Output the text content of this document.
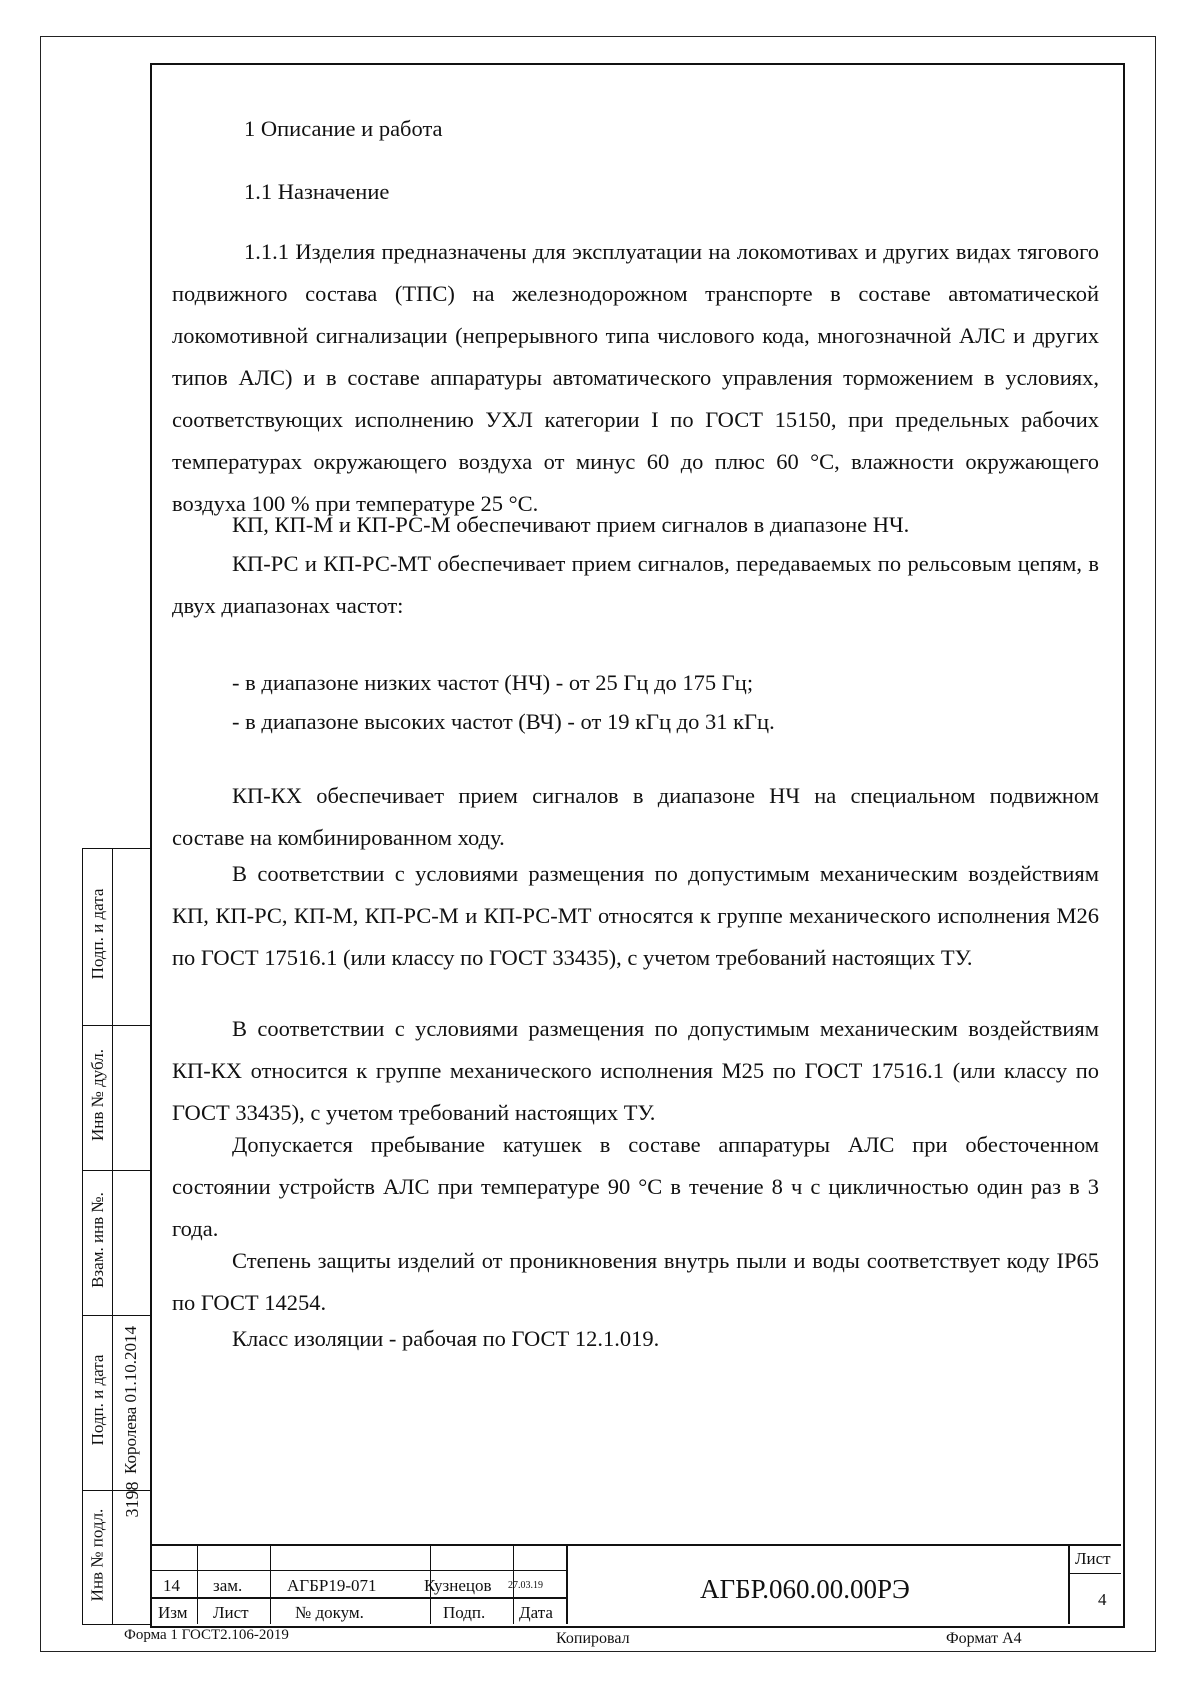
1 Описание и работа

1.1 Назначение

1.1.1 Изделия предназначены для эксплуатации на локомотивах и других видах тягового подвижного состава (ТПС) на железнодорожном транспорте в составе автоматической локомотивной сигнализации (непрерывного типа числового кода, многозначной АЛС и других типов АЛС) и в составе аппаратуры автоматического управления торможением в условиях, соответствующих исполнению УХЛ категории I по ГОСТ 15150, при предельных рабочих температурах окружающего воздуха от минус 60 до плюс 60 °С, влажности окружающего воздуха 100 % при температуре 25 °С.

КП, КП-М и КП-РС-М обеспечивают прием сигналов в диапазоне НЧ.

КП-РС и КП-РС-МТ обеспечивает прием сигналов, передаваемых по рельсовым цепям, в двух диапазонах частот:

- в диапазоне низких частот (НЧ) - от 25 Гц до 175 Гц;

- в диапазоне высоких частот (ВЧ) - от 19 кГц до 31 кГц.

КП-КХ обеспечивает прием сигналов в диапазоне НЧ на специальном подвижном составе на комбинированном ходу.

В соответствии с условиями размещения по допустимым механическим воздействиям КП, КП-РС, КП-М, КП-РС-М и КП-РС-МТ относятся к группе механического исполнения М26 по ГОСТ 17516.1 (или классу по ГОСТ 33435), с учетом требований настоящих ТУ.

В соответствии с условиями размещения по допустимым механическим воздействиям КП-КХ относится к группе механического исполнения М25 по ГОСТ 17516.1 (или классу по ГОСТ 33435), с учетом требований настоящих ТУ.

Допускается пребывание катушек в составе аппаратуры АЛС при обесточенном состоянии устройств АЛС при температуре 90 °С в течение 8 ч с цикличностью один раз в 3 года.

Степень защиты изделий от проникновения внутрь пыли и воды соответствует коду IP65 по ГОСТ 14254.

Класс изоляции - рабочая по ГОСТ 12.1.019.

Подп. и дата
Инв № дубл.
Взам. инв №.
Подп. и дата Королева 01.10.2014
Инв № подл.
3198
14 зам.	АГБР19-071	Кузнецов 27.03.19
Изм Лист	№ докум.	Подп. Дата
АГБР.060.00.00РЭ
Лист
4
Форма 1 ГОСТ2.106-2019	Копировал	Формат А4
